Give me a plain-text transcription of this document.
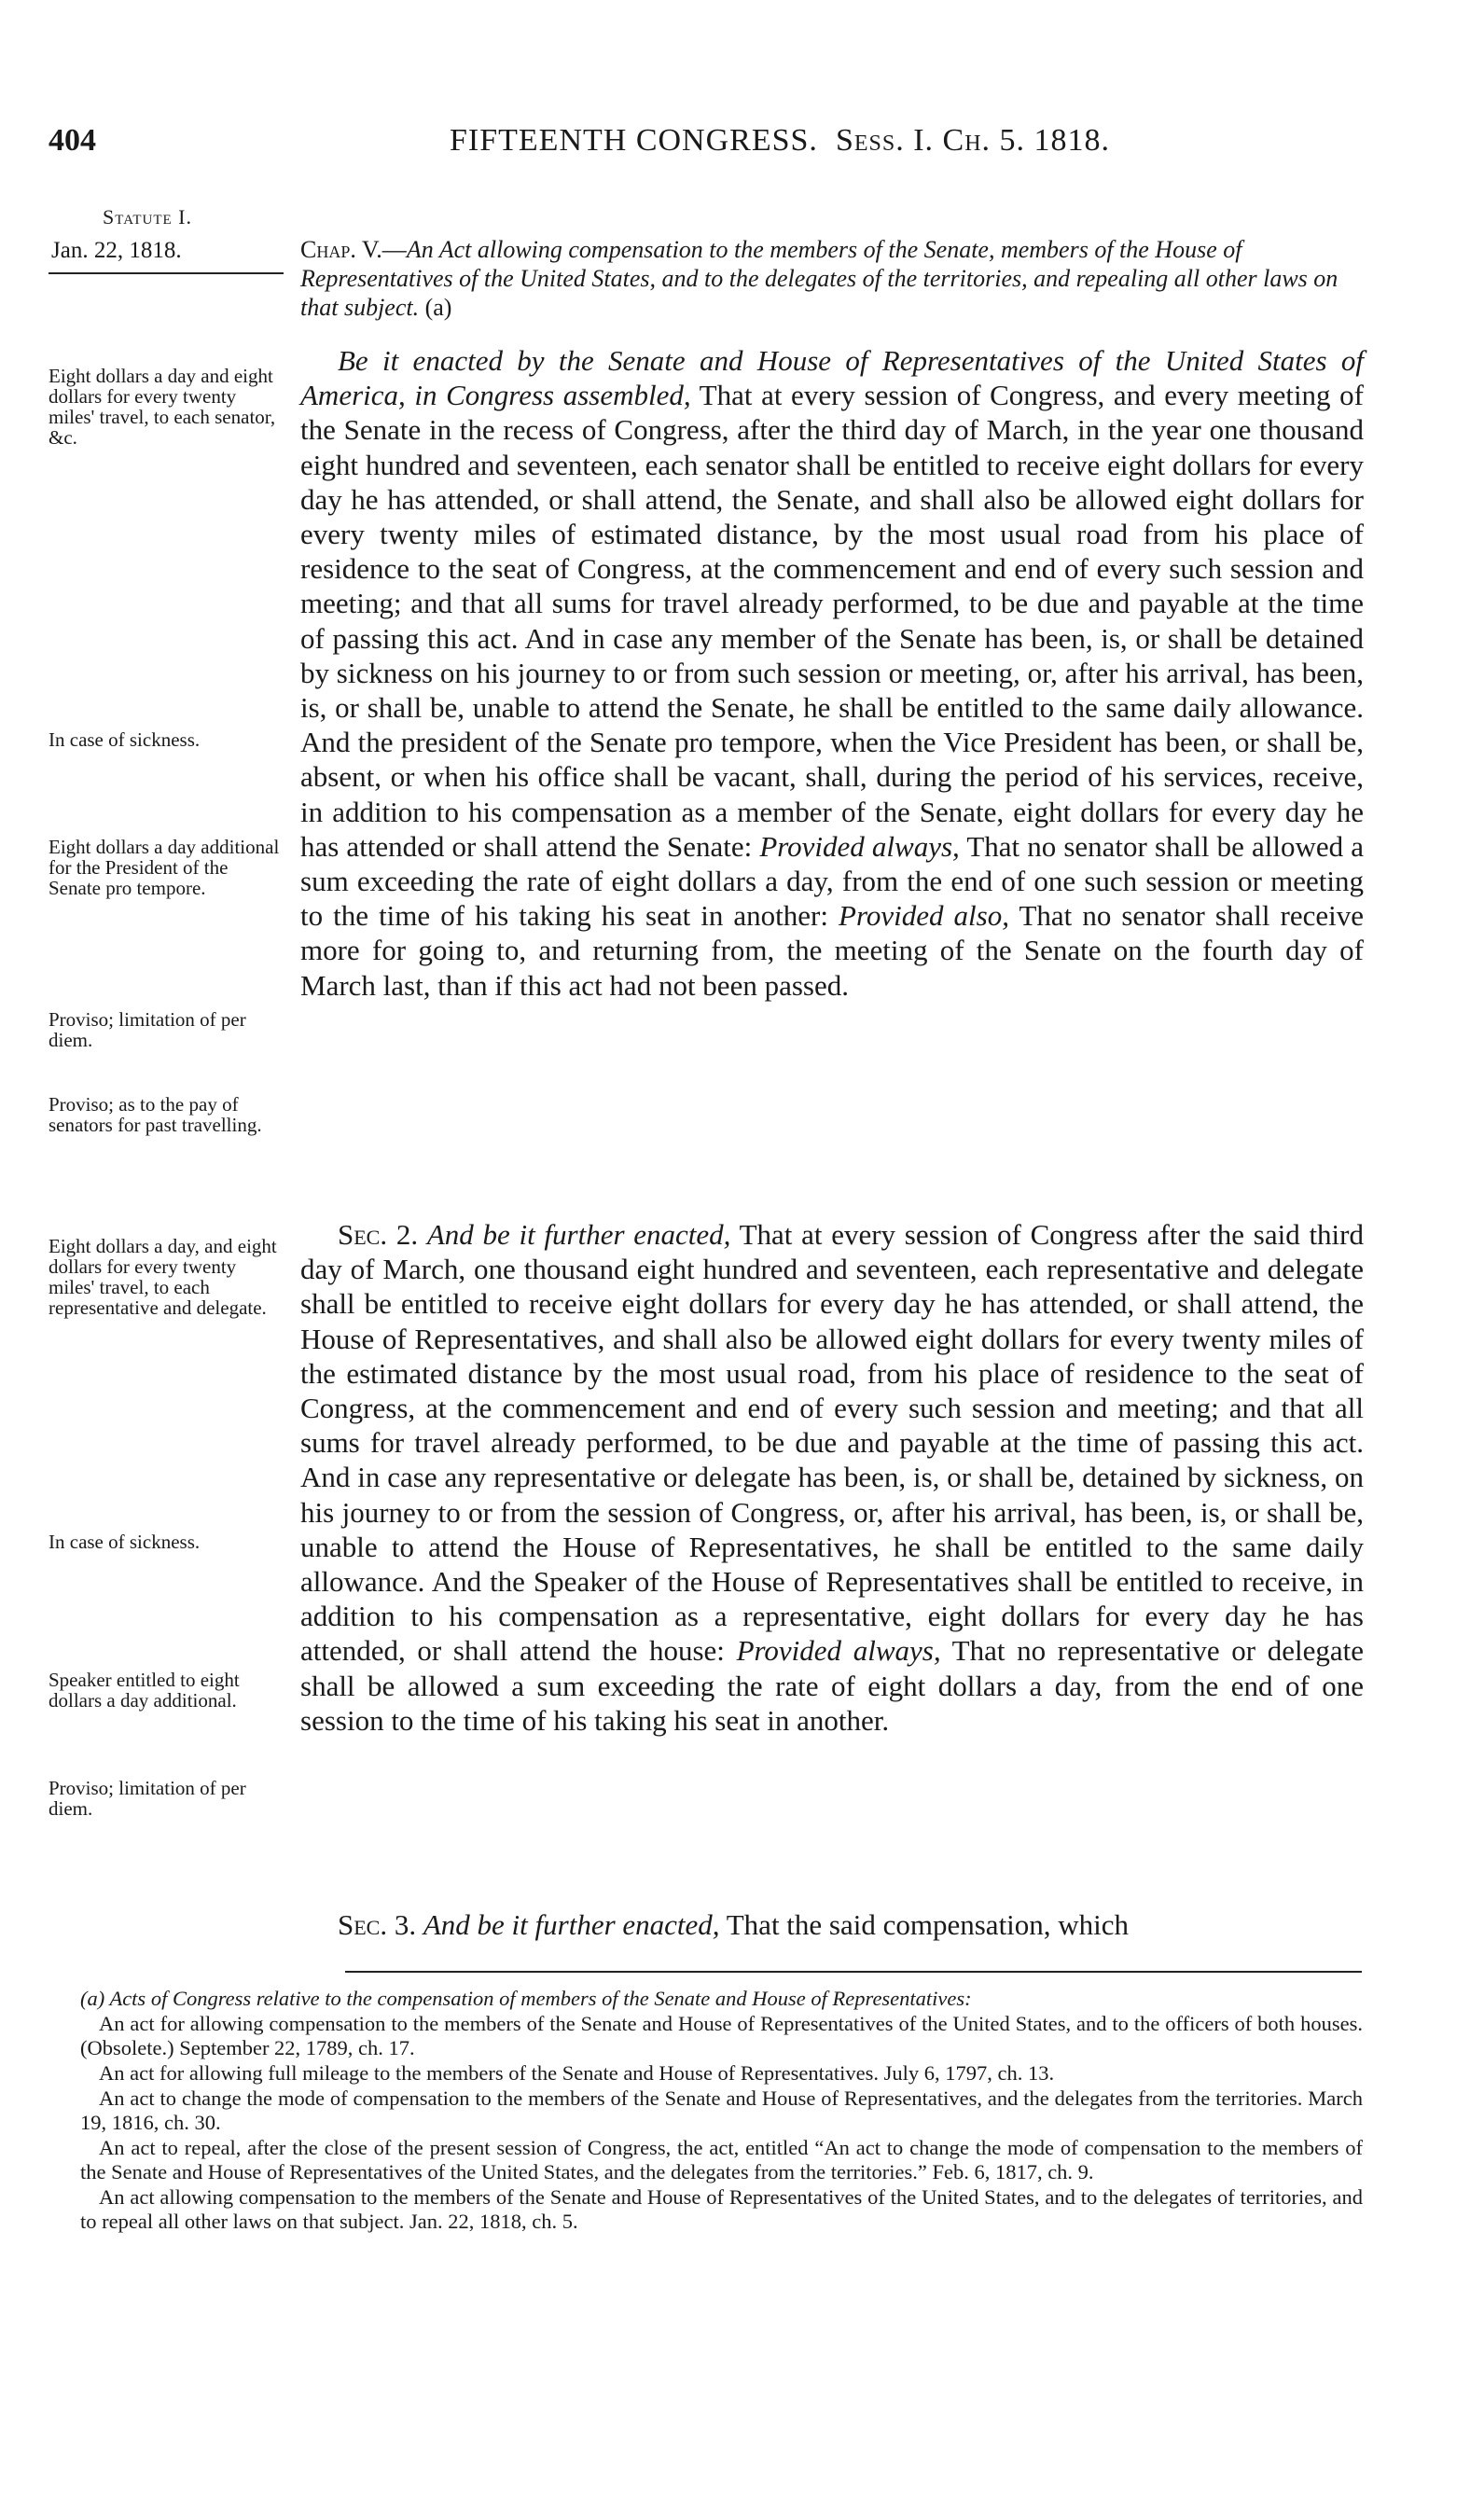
404	FIFTEENTH CONGRESS. Sess. I. Ch. 5. 1818.
Statute I.
Jan. 22, 1818.	Chap. V.—An Act allowing compensation to the members of the Senate, members of the House of Representatives of the United States, and to the delegates of the territories, and repealing all other laws on that subject. (a)
Eight dollars a day and eight dollars for every twenty miles' travel, to each senator, &c.
In case of sickness.
Eight dollars a day additional for the President of the Senate pro tempore.
Proviso; limitation of per diem.
Proviso; as to the pay of senators for past travelling.
Eight dollars a day, and eight dollars for every twenty miles' travel, to each representative and delegate.
In case of sickness.
Speaker entitled to eight dollars a day additional.
Proviso; limitation of per diem.

Be it enacted by the Senate and House of Representatives of the United States of America, in Congress assembled, That at every session of Congress, and every meeting of the Senate in the recess of Congress, after the third day of March, in the year one thousand eight hundred and seventeen, each senator shall be entitled to receive eight dollars for every day he has attended, or shall attend, the Senate, and shall also be allowed eight dollars for every twenty miles of estimated distance, by the most usual road from his place of residence to the seat of Congress, at the commencement and end of every such session and meeting; and that all sums for travel already performed, to be due and payable at the time of passing this act. And in case any member of the Senate has been, is, or shall be detained by sickness on his journey to or from such session or meeting, or, after his arrival, has been, is, or shall be, unable to attend the Senate, he shall be entitled to the same daily allowance. And the president of the Senate pro tempore, when the Vice President has been, or shall be, absent, or when his office shall be vacant, shall, during the period of his services, receive, in addition to his compensation as a member of the Senate, eight dollars for every day he has attended or shall attend the Senate: Provided always, That no senator shall be allowed a sum exceeding the rate of eight dollars a day, from the end of one such session or meeting to the time of his taking his seat in another: Provided also, That no senator shall receive more for going to, and returning from, the meeting of the Senate on the fourth day of March last, than if this act had not been passed.

Sec. 2. And be it further enacted, That at every session of Congress after the said third day of March, one thousand eight hundred and seventeen, each representative and delegate shall be entitled to receive eight dollars for every day he has attended, or shall attend, the House of Representatives, and shall also be allowed eight dollars for every twenty miles of the estimated distance by the most usual road, from his place of residence to the seat of Congress, at the commencement and end of every such session and meeting; and that all sums for travel already performed, to be due and payable at the time of passing this act. And in case any representative or delegate has been, is, or shall be, detained by sickness, on his journey to or from the session of Congress, or, after his arrival, has been, is, or shall be, unable to attend the House of Representatives, he shall be entitled to the same daily allowance. And the Speaker of the House of Representatives shall be entitled to receive, in addition to his compensation as a representative, eight dollars for every day he has attended, or shall attend the house: Provided always, That no representative or delegate shall be allowed a sum exceeding the rate of eight dollars a day, from the end of one session to the time of his taking his seat in another.

Sec. 3. And be it further enacted, That the said compensation, which

(a) Acts of Congress relative to the compensation of members of the Senate and House of Representatives:

An act for allowing compensation to the members of the Senate and House of Representatives of the United States, and to the officers of both houses. (Obsolete.) September 22, 1789, ch. 17.

An act for allowing full mileage to the members of the Senate and House of Representatives. July 6, 1797, ch. 13.

An act to change the mode of compensation to the members of the Senate and House of Representatives, and the delegates from the territories. March 19, 1816, ch. 30.

An act to repeal, after the close of the present session of Congress, the act, entitled “An act to change the mode of compensation to the members of the Senate and House of Representatives of the United States, and the delegates from the territories.” Feb. 6, 1817, ch. 9.

An act allowing compensation to the members of the Senate and House of Representatives of the United States, and to the delegates of territories, and to repeal all other laws on that subject. Jan. 22, 1818, ch. 5.
